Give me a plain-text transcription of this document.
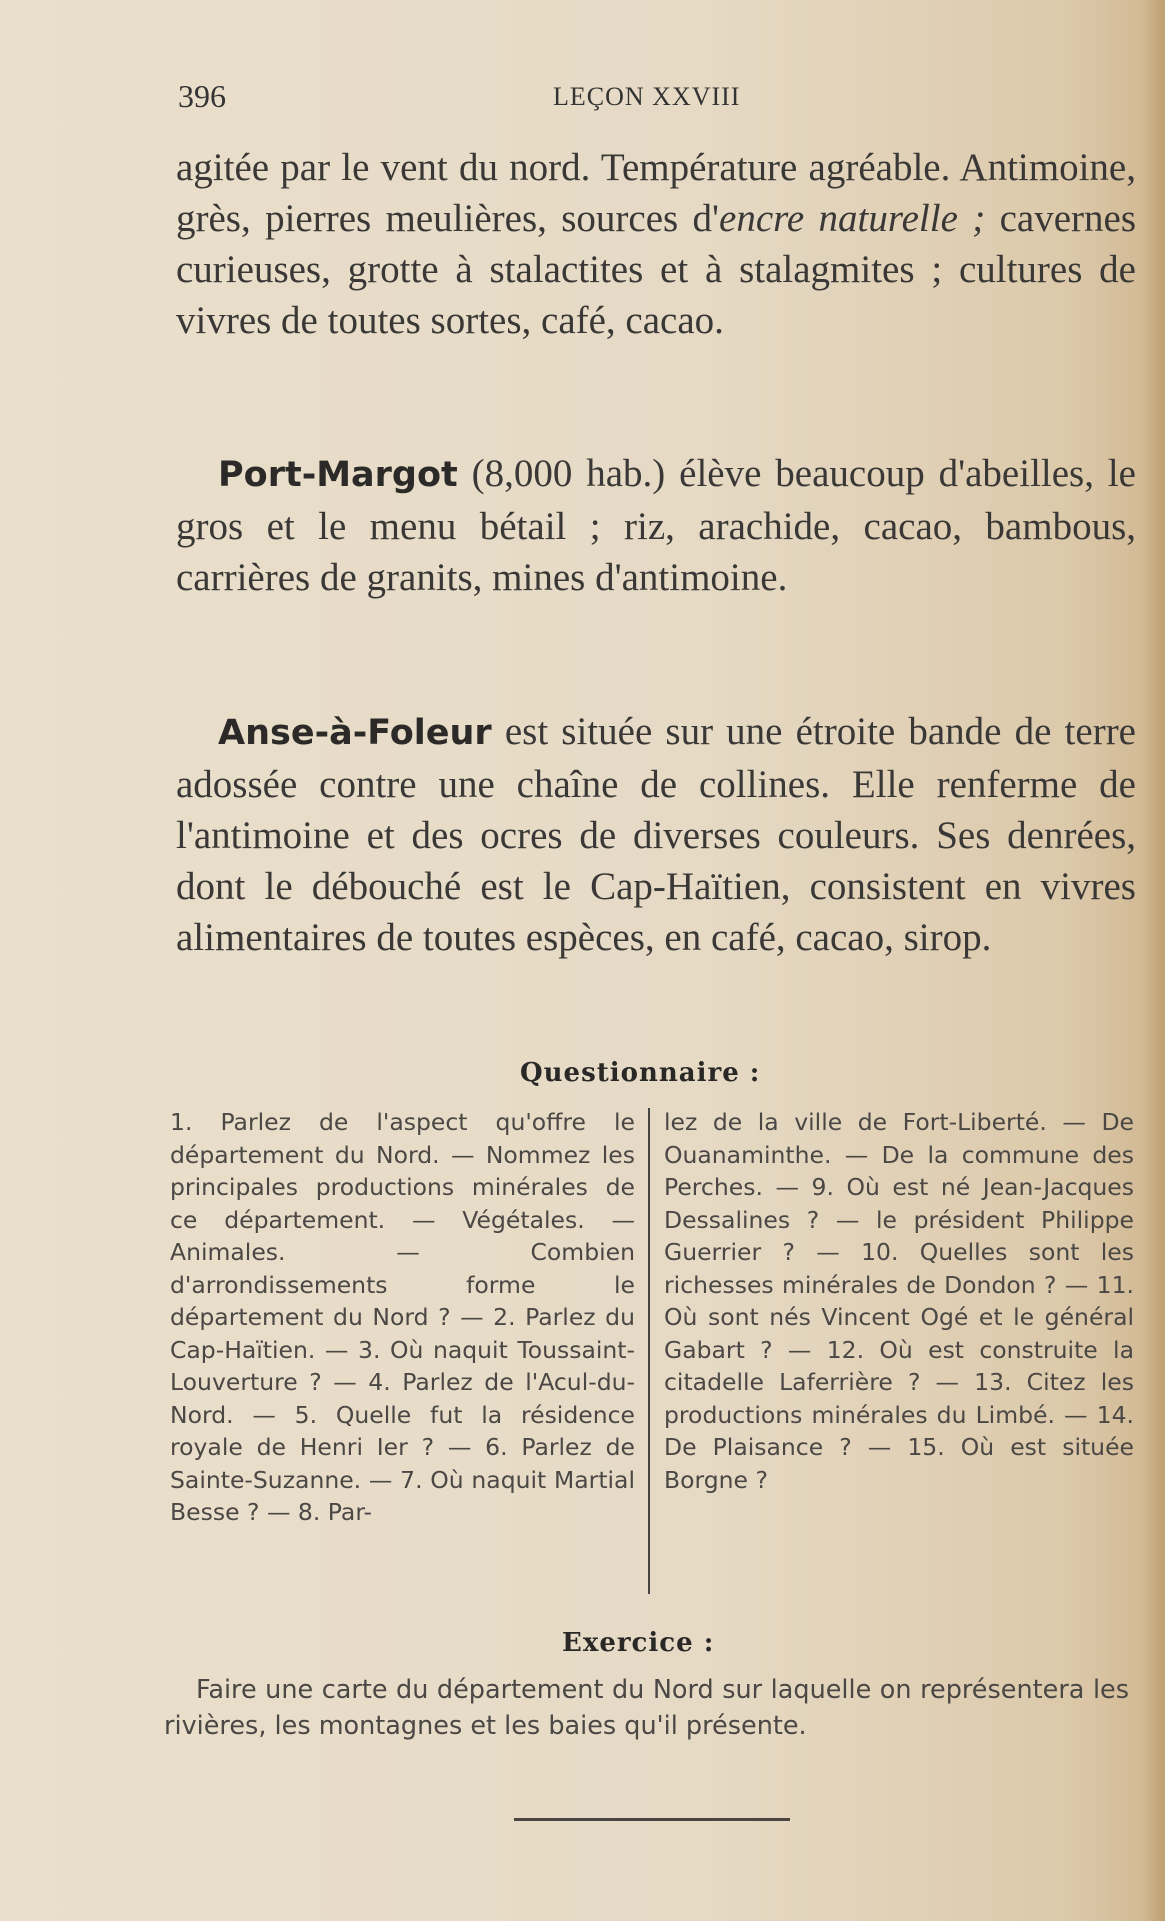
396	LEÇON XXVIII

agitée par le vent du nord. Température agréable. Antimoine, grès, pierres meulières, sources d'encre naturelle ; cavernes curieuses, grotte à stalactites et à stalagmites ; cultures de vivres de toutes sortes, café, cacao.

Port-Margot (8,000 hab.) élève beaucoup d'abeilles, le gros et le menu bétail ; riz, arachide, cacao, bambous, carrières de granits, mines d'antimoine.

Anse-à-Foleur est située sur une étroite bande de terre adossée contre une chaîne de collines. Elle renferme de l'antimoine et des ocres de diverses couleurs. Ses denrées, dont le débouché est le Cap-Haïtien, consistent en vivres alimentaires de toutes espèces, en café, cacao, sirop.

Questionnaire :

1. Parlez de l'aspect qu'offre le département du Nord. — Nommez les principales productions minérales de ce département. — Végétales. — Animales. — Combien d'arrondissements forme le département du Nord ? — 2. Parlez du Cap-Haïtien. — 3. Où naquit Toussaint-Louverture ? — 4. Parlez de l'Acul-du-Nord. — 5. Quelle fut la résidence royale de Henri Ier ? — 6. Parlez de Sainte-Suzanne. — 7. Où naquit Martial Besse ? — 8. Par-

lez de la ville de Fort-Liberté. — De Ouanaminthe. — De la commune des Perches. — 9. Où est né Jean-Jacques Dessalines ? — le président Philippe Guerrier ? — 10. Quelles sont les richesses minérales de Dondon ? — 11. Où sont nés Vincent Ogé et le général Gabart ? — 12. Où est construite la citadelle Laferrière ? — 13. Citez les productions minérales du Limbé. — 14. De Plaisance ? — 15. Où est située Borgne ?

Exercice :

Faire une carte du département du Nord sur laquelle on représentera les rivières, les montagnes et les baies qu'il présente.
